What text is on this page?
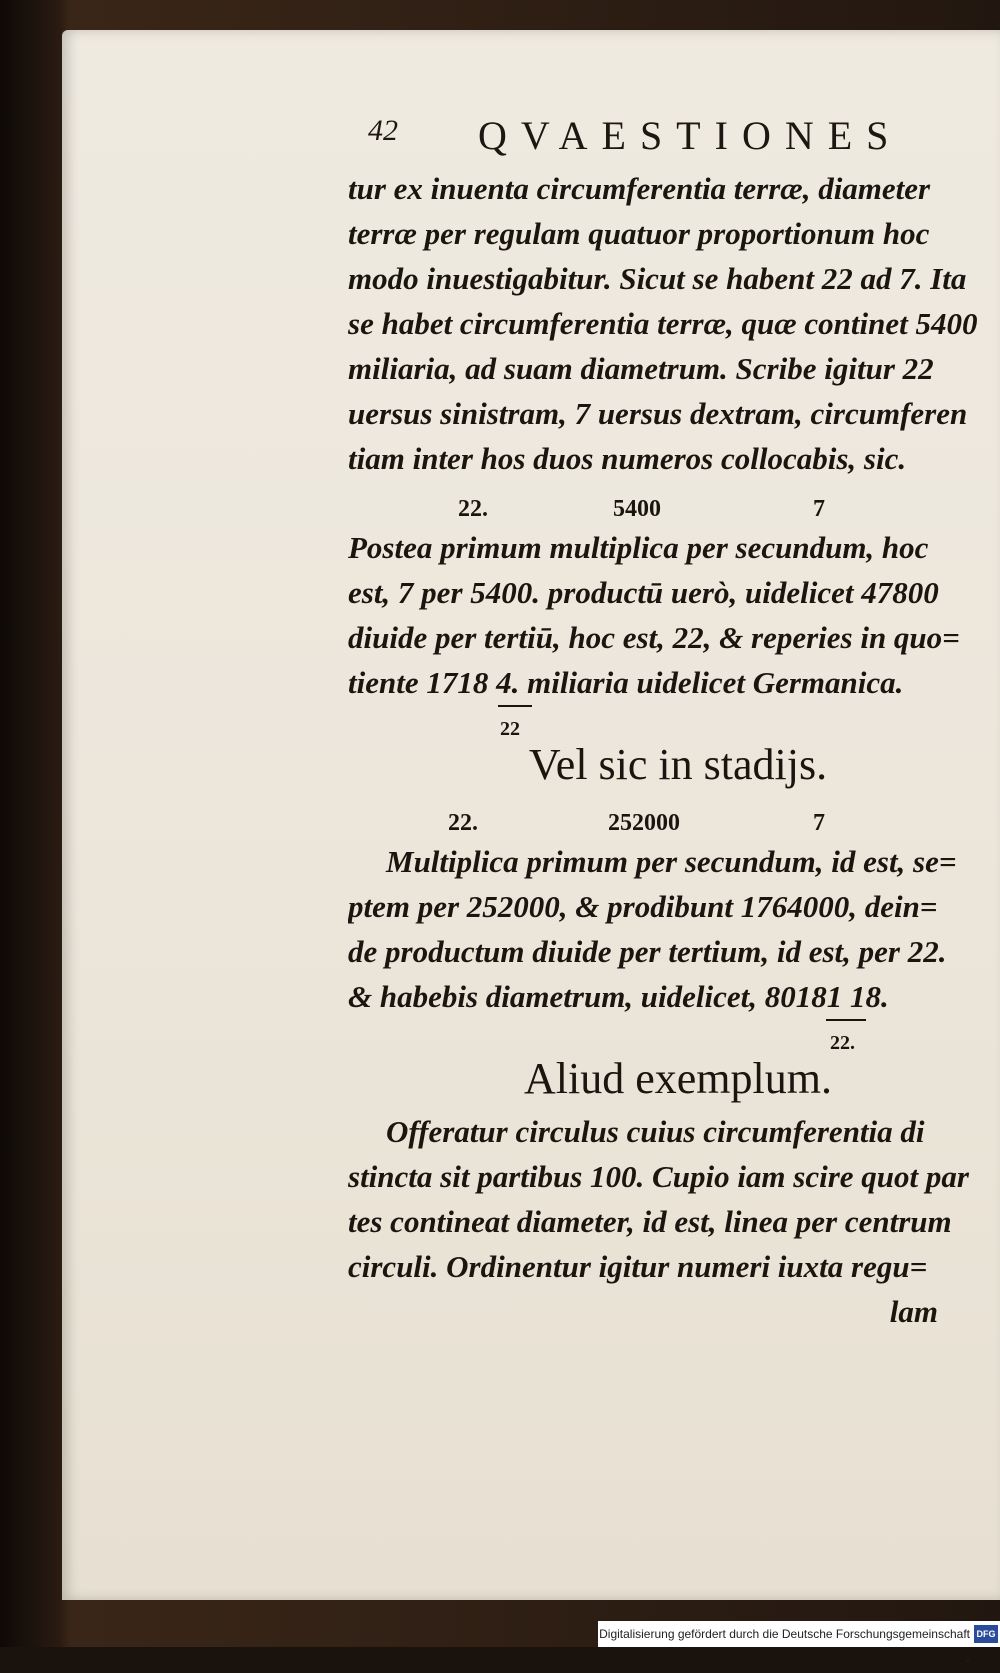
42 QVAESTIONES
tur ex inuenta circumferentia terræ, diameter
terræ per regulam quatuor proportionum hoc
modo inuestigabitur. Sicut se habent 22 ad 7. Ita
se habet circumferentia terræ, quæ continet 5400
miliaria, ad suam diametrum. Scribe igitur 22
uersus sinistram, 7 uersus dextram, circumferen
tiam inter hos duos numeros collocabis, sic.
22.	5400	7
Postea primum multiplica per secundum, hoc
est, 7 per 5400. productū uerò, uidelicet 47800
diuide per tertiū, hoc est, 22, & reperies in quo=
tiente 1718 4. miliaria uidelicet Germanica.
22
Vel sic in stadijs.
22.	252000	7
Multiplica primum per secundum, id est, se=
ptem per 252000, & prodibunt 1764000, dein=
de productum diuide per tertium, id est, per 22.
& habebis diametrum, uidelicet, 80181 18.
22.
Aliud exemplum.
Offeratur circulus cuius circumferentia di
stincta sit partibus 100. Cupio iam scire quot par
tes contineat diameter, id est, linea per centrum
circuli. Ordinentur igitur numeri iuxta regu=
lam
Digitalisierung gefördert durch die Deutsche Forschungsgemeinschaft -
DFG
